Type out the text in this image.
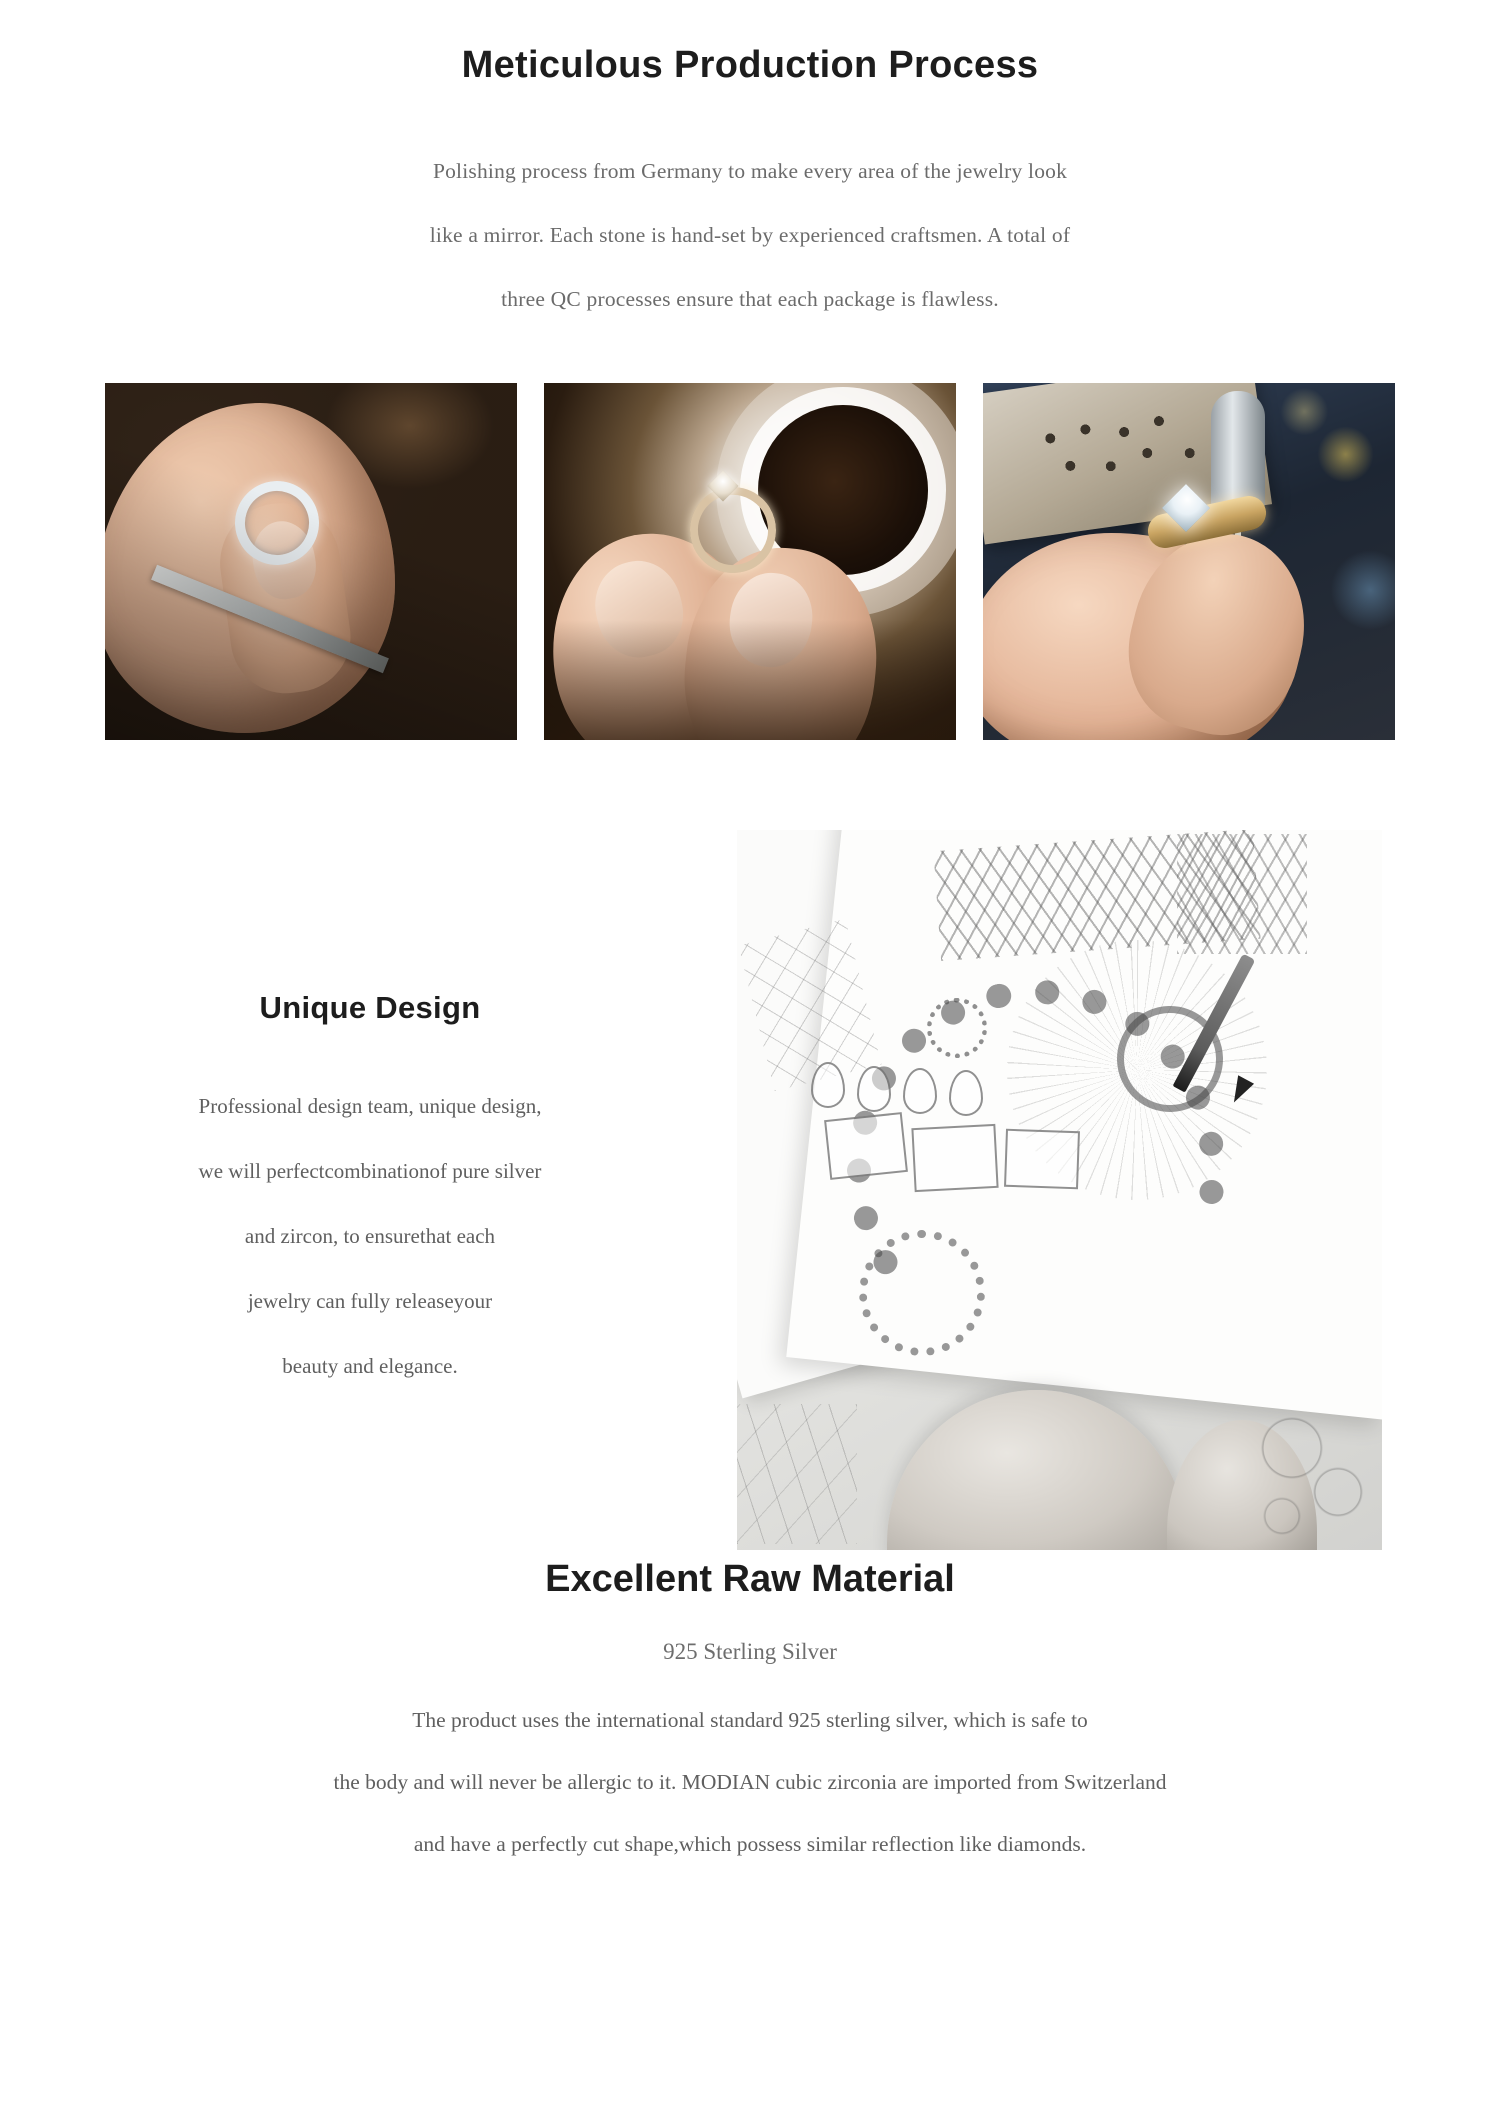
Meticulous Production Process
Polishing process from Germany to make every area of the jewelry look
like a mirror. Each stone is hand-set by experienced craftsmen. A total of
three QC processes ensure that each package is flawless.
Unique Design
Professional design team, unique design,
we will perfectcombinationof pure silver
and zircon, to ensurethat each
jewelry can fully releaseyour
beauty and elegance.
Excellent Raw Material
925 Sterling Silver
The product uses the international standard 925 sterling silver, which is safe to
the body and will never be allergic to it. MODIAN cubic zirconia are imported from Switzerland
and have a perfectly cut shape,which possess similar reflection like diamonds.
